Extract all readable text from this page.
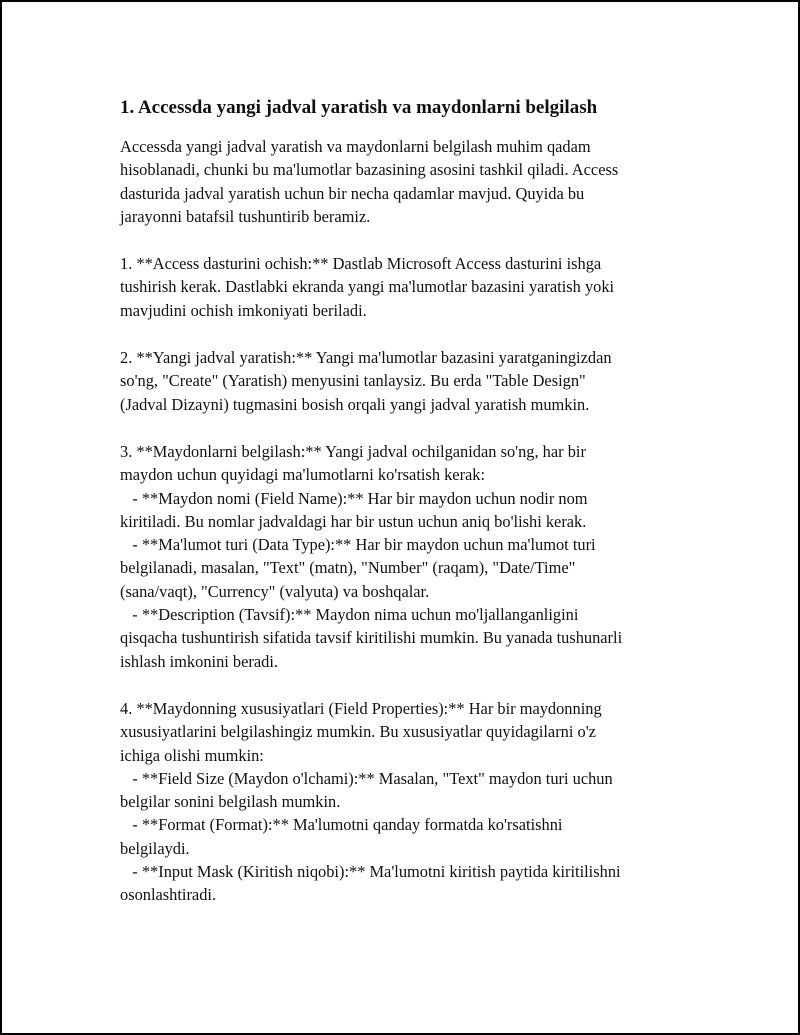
1. Accessda yangi jadval yaratish va maydonlarni belgilash

Accessda yangi jadval yaratish va maydonlarni belgilash muhim qadam
hisoblanadi, chunki bu ma'lumotlar bazasining asosini tashkil qiladi. Access
dasturida jadval yaratish uchun bir necha qadamlar mavjud. Quyida bu
jarayonni batafsil tushuntirib beramiz.

1. **Access dasturini ochish:** Dastlab Microsoft Access dasturini ishga
tushirish kerak. Dastlabki ekranda yangi ma'lumotlar bazasini yaratish yoki
mavjudini ochish imkoniyati beriladi.

2. **Yangi jadval yaratish:** Yangi ma'lumotlar bazasini yaratganingizdan
so'ng, "Create" (Yaratish) menyusini tanlaysiz. Bu erda "Table Design"
(Jadval Dizayni) tugmasini bosish orqali yangi jadval yaratish mumkin.

3. **Maydonlarni belgilash:** Yangi jadval ochilganidan so'ng, har bir
maydon uchun quyidagi ma'lumotlarni ko'rsatish kerak:
- **Maydon nomi (Field Name):** Har bir maydon uchun nodir nom
kiritiladi. Bu nomlar jadvaldagi har bir ustun uchun aniq bo'lishi kerak.
- **Ma'lumot turi (Data Type):** Har bir maydon uchun ma'lumot turi
belgilanadi, masalan, "Text" (matn), "Number" (raqam), "Date/Time"
(sana/vaqt), "Currency" (valyuta) va boshqalar.
- **Description (Tavsif):** Maydon nima uchun mo'ljallanganligini
qisqacha tushuntirish sifatida tavsif kiritilishi mumkin. Bu yanada tushunarli
ishlash imkonini beradi.

4. **Maydonning xususiyatlari (Field Properties):** Har bir maydonning
xususiyatlarini belgilashingiz mumkin. Bu xususiyatlar quyidagilarni o'z
ichiga olishi mumkin:
- **Field Size (Maydon o'lchami):** Masalan, "Text" maydon turi uchun
belgilar sonini belgilash mumkin.
- **Format (Format):** Ma'lumotni qanday formatda ko'rsatishni
belgilaydi.
- **Input Mask (Kiritish niqobi):** Ma'lumotni kiritish paytida kiritilishni
osonlashtiradi.
